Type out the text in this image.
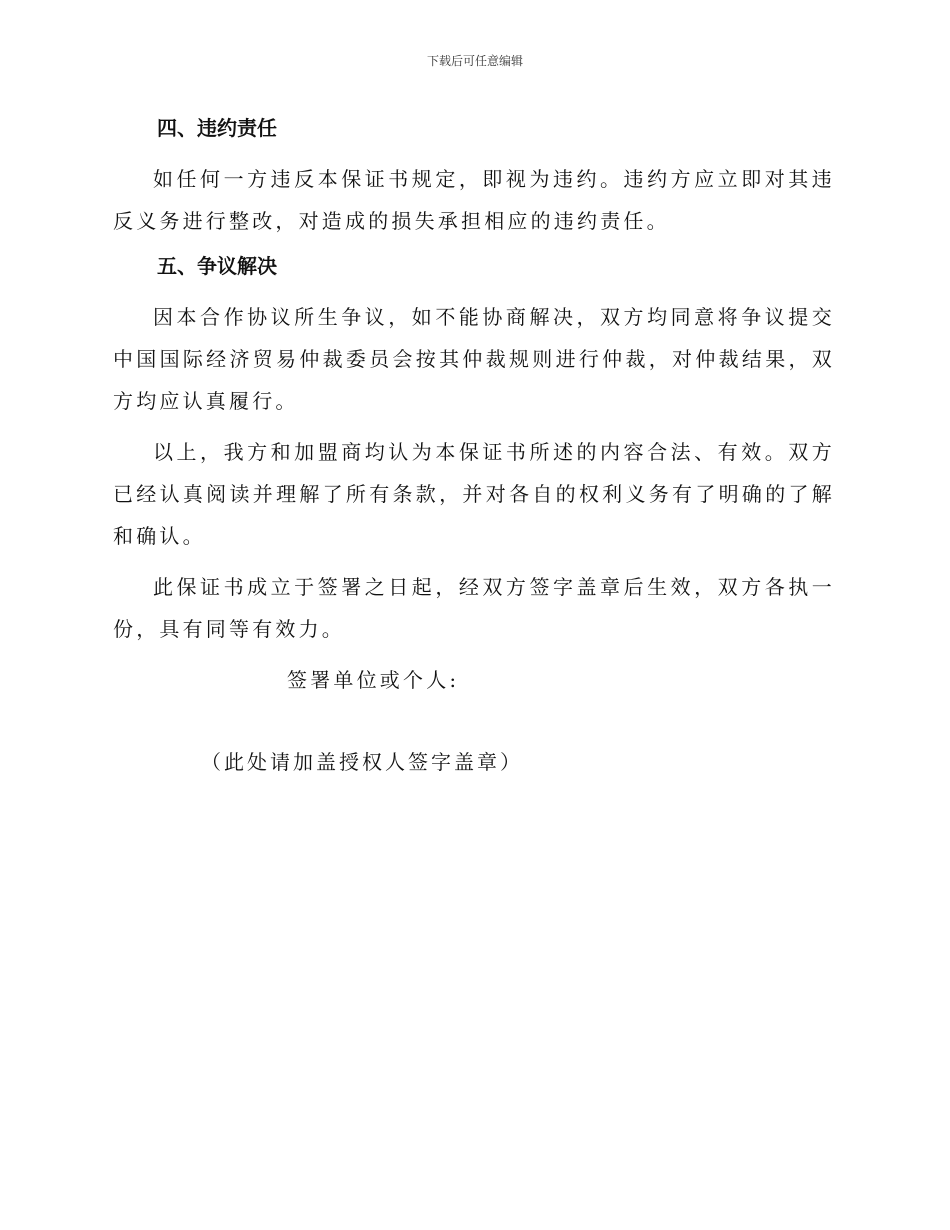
下载后可任意编辑
四、违约责任

如任何一方违反本保证书规定，即视为违约。违约方应立即对其违反义务进行整改，对造成的损失承担相应的违约责任。

五、争议解决

因本合作协议所生争议，如不能协商解决，双方均同意将争议提交中国国际经济贸易仲裁委员会按其仲裁规则进行仲裁，对仲裁结果，双方均应认真履行。

以上，我方和加盟商均认为本保证书所述的内容合法、有效。双方已经认真阅读并理解了所有条款，并对各自的权利义务有了明确的了解和确认。

此保证书成立于签署之日起，经双方签字盖章后生效，双方各执一份，具有同等有效力。

签署单位或个人:

（此处请加盖授权人签字盖章）
